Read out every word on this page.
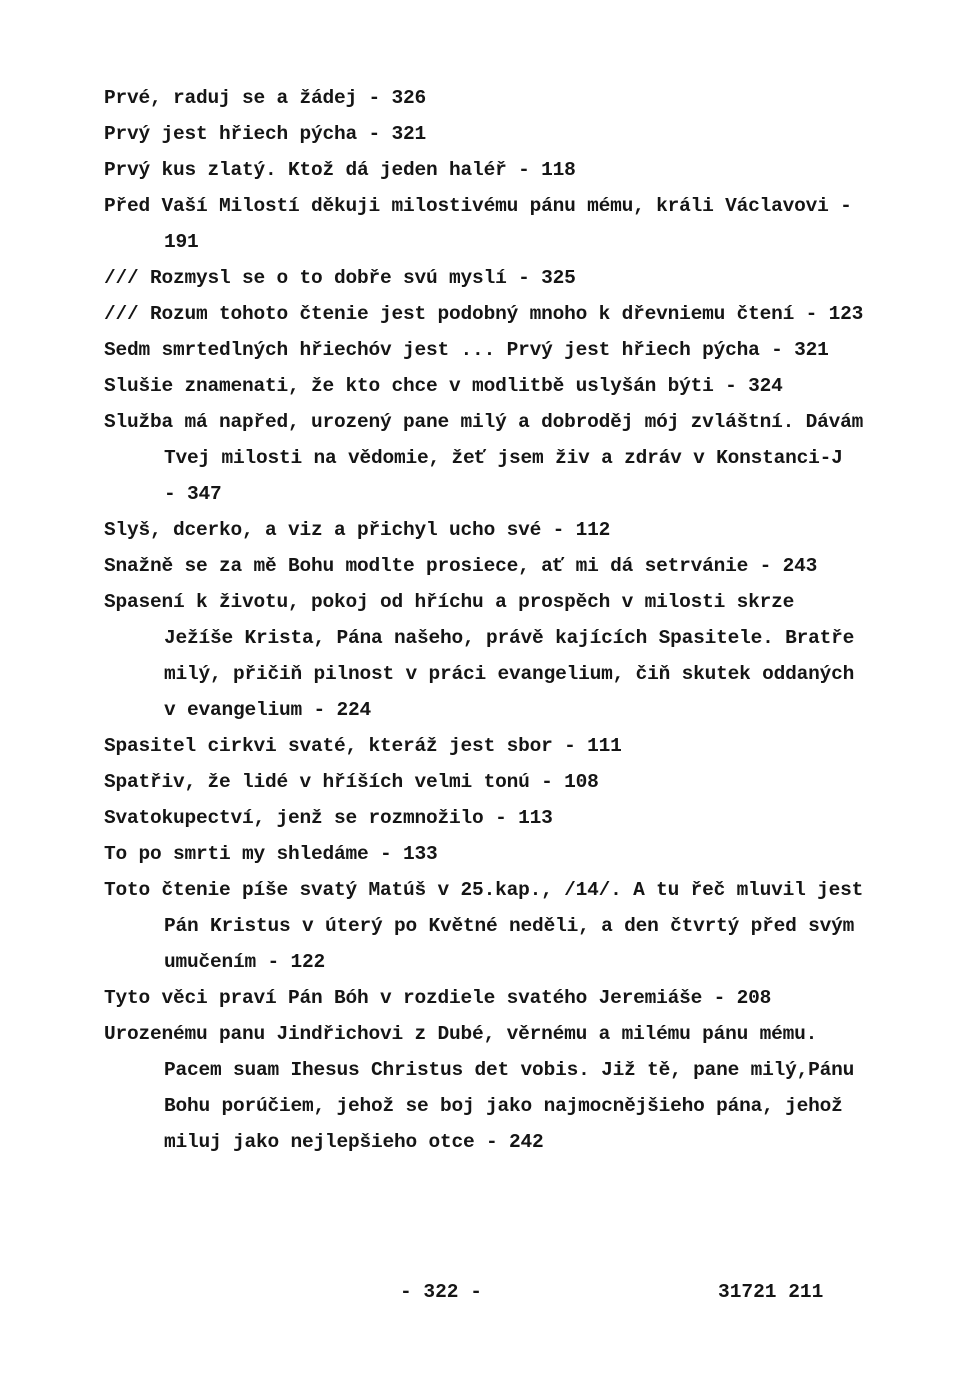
Prvé, raduj se a žádej - 326
Prvý jest hřiech pýcha - 321
Prvý kus zlatý. Ktož dá jeden haléř - 118
Před Vaší Milostí děkuji milostivému pánu mému, králi Václavovi - 191
/// Rozmysl se o to dobře svú myslí - 325
/// Rozum tohoto čtenie jest podobný mnoho k dřevniemu čtení - 123
Sedm smrtedlných hřiechóv jest ... Prvý jest hřiech pýcha - 321
Slušie znamenati, že kto chce v modlitbě uslyšán býti - 324
Služba má napřed, urozený pane milý a dobroděj mój zvláštní. Dávám Tvej milosti na vědomie, žeť jsem živ a zdráv v Konstanci-J - 347
Slyš, dcerko, a viz a přichyl ucho své - 112
Snažně se za mě Bohu modlte prosiece, ať mi dá setrvánie - 243
Spasení k životu, pokoj od hříchu a prospěch v milosti skrze Ježíše Krista, Pána našeho, právě kajících Spasitele. Bratře milý, přičiň pilnost v práci evangelium, čiň skutek oddaných v evangelium - 224
Spasitel cirkvi svaté, kteráž jest sbor - 111
Spatřiv, že lidé v hříších velmi tonú - 108
Svatokupectví, jenž se rozmnožilo - 113
To po smrti my shledáme - 133
Toto čtenie píše svatý Matúš v 25.kap., /14/. A tu řeč mluvil jest Pán Kristus v úterý po Květné neděli, a den čtvrtý před svým umučením - 122
Tyto věci praví Pán Bóh v rozdiele svatého Jeremiáše - 208
Urozenému panu Jindřichovi z Dubé, věrnému a milému pánu mému. Pacem suam Ihesus Christus det vobis. Již tě, pane milý,Pánu Bohu porúčiem, jehož se boj jako najmocnějšieho pána, jehož miluj jako nejlepšieho otce - 242
- 322 -	31721 211
